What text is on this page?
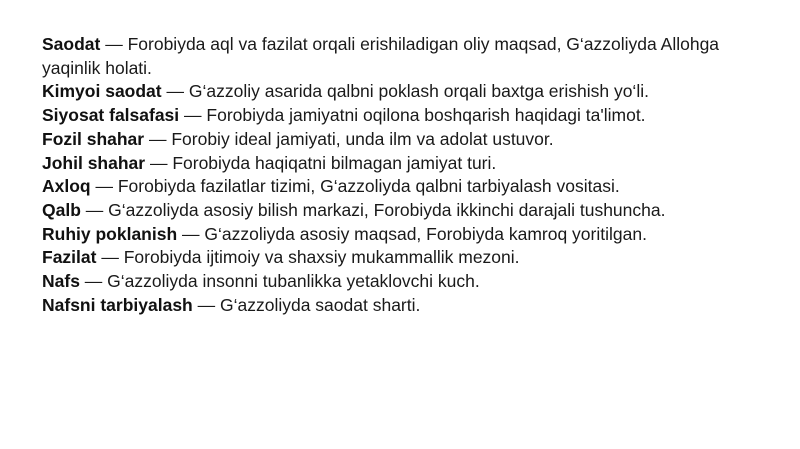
Saodat — Forobiyda aql va fazilat orqali erishiladigan oliy maqsad, G‘azzoliyda Allohga yaqinlik holati.

Kimyoi saodat — G‘azzoliy asarida qalbni poklash orqali baxtga erishish yo‘li.

Siyosat falsafasi — Forobiyda jamiyatni oqilona boshqarish haqidagi ta'limot.

Fozil shahar — Forobiy ideal jamiyati, unda ilm va adolat ustuvor.

Johil shahar — Forobiyda haqiqatni bilmagan jamiyat turi.

Axloq — Forobiyda fazilatlar tizimi, G‘azzoliyda qalbni tarbiyalash vositasi.

Qalb — G‘azzoliyda asosiy bilish markazi, Forobiyda ikkinchi darajali tushuncha.

Ruhiy poklanish — G‘azzoliyda asosiy maqsad, Forobiyda kamroq yoritilgan.

Fazilat — Forobiyda ijtimoiy va shaxsiy mukammallik mezoni.

Nafs — G‘azzoliyda insonni tubanlikka yetaklovchi kuch.

Nafsni tarbiyalash — G‘azzoliyda saodat sharti.
